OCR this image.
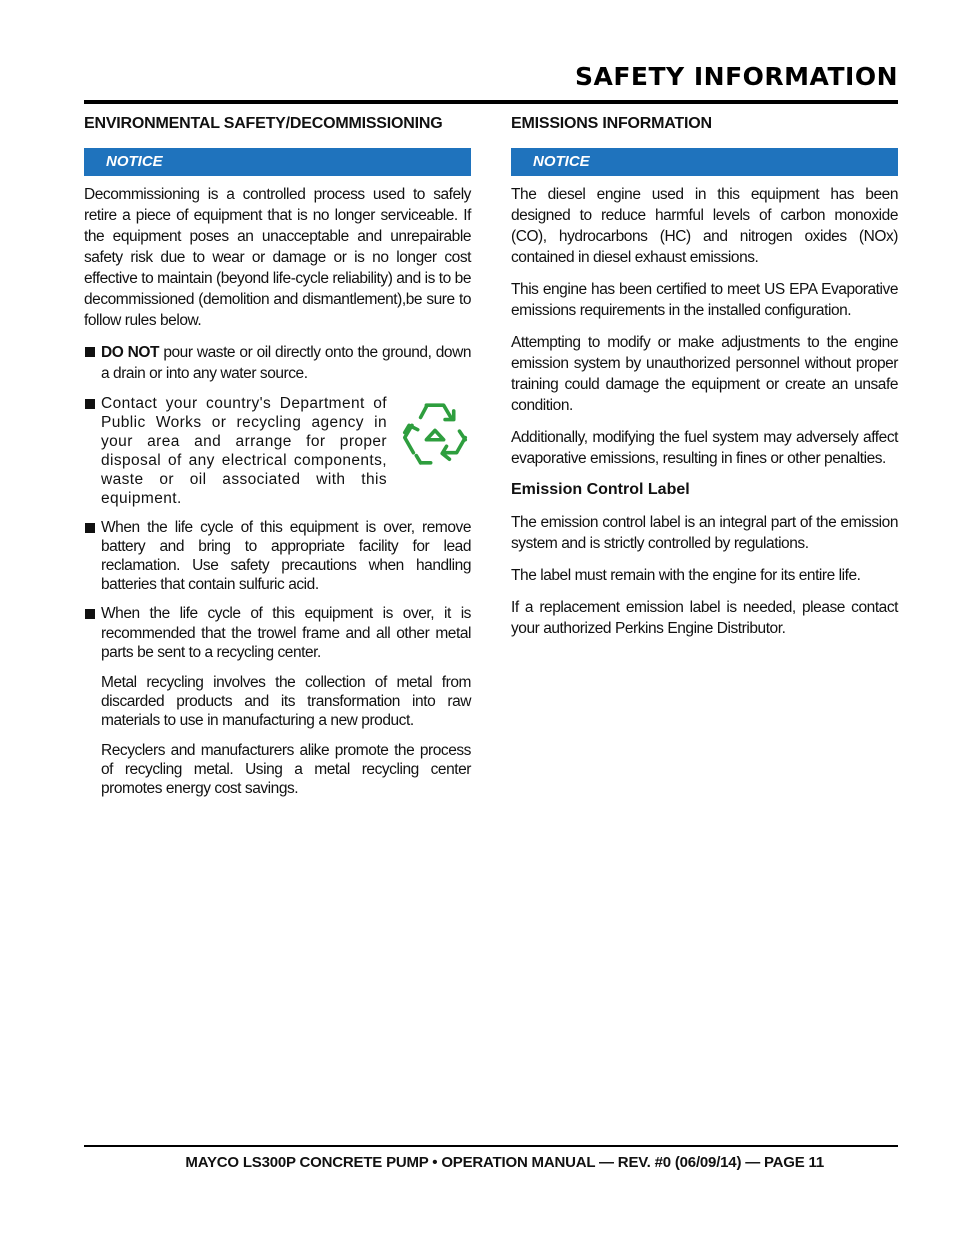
SAFETY INFORMATION
ENVIRONMENTAL SAFETY/DECOMMISSIONING
NOTICE

Decommissioning is a controlled process used to safely retire a piece of equipment that is no longer serviceable. If the equipment poses an unacceptable and unrepairable safety risk due to wear or damage or is no longer cost effective to maintain (beyond life-cycle reliability) and is to be decommissioned (demolition and dismantlement),be sure to follow rules below.

DO NOT pour waste or oil directly onto the ground, down a drain or into any water source.

Contact your country's Department of Public Works or recycling agency in your area and arrange for proper disposal of any electrical components, waste or oil associated with this equipment.

When the life cycle of this equipment is over, remove battery and bring to appropriate facility for lead reclamation. Use safety precautions when handling batteries that contain sulfuric acid.

When the life cycle of this equipment is over, it is recommended that the trowel frame and all other metal parts be sent to a recycling center.

Metal recycling involves the collection of metal from discarded products and its transformation into raw materials to use in manufacturing a new product.

Recyclers and manufacturers alike promote the process of recycling metal. Using a metal recycling center promotes energy cost savings.

EMISSIONS INFORMATION
NOTICE

The diesel engine used in this equipment has been designed to reduce harmful levels of carbon monoxide (CO), hydrocarbons (HC) and nitrogen oxides (NOx) contained in diesel exhaust emissions.

This engine has been certified to meet US EPA Evaporative emissions requirements in the installed configuration.

Attempting to modify or make adjustments to the engine emission system by unauthorized personnel without proper training could damage the equipment or create an unsafe condition.

Additionally, modifying the fuel system may adversely affect evaporative emissions, resulting in fines or other penalties.

Emission Control Label

The emission control label is an integral part of the emission system and is strictly controlled by regulations.

The label must remain with the engine for its entire life.

If a replacement emission label is needed, please contact your authorized Perkins Engine Distributor.

MAYCO LS300P CONCRETE PUMP • OPERATION MANUAL — REV. #0 (06/09/14) — PAGE 11
